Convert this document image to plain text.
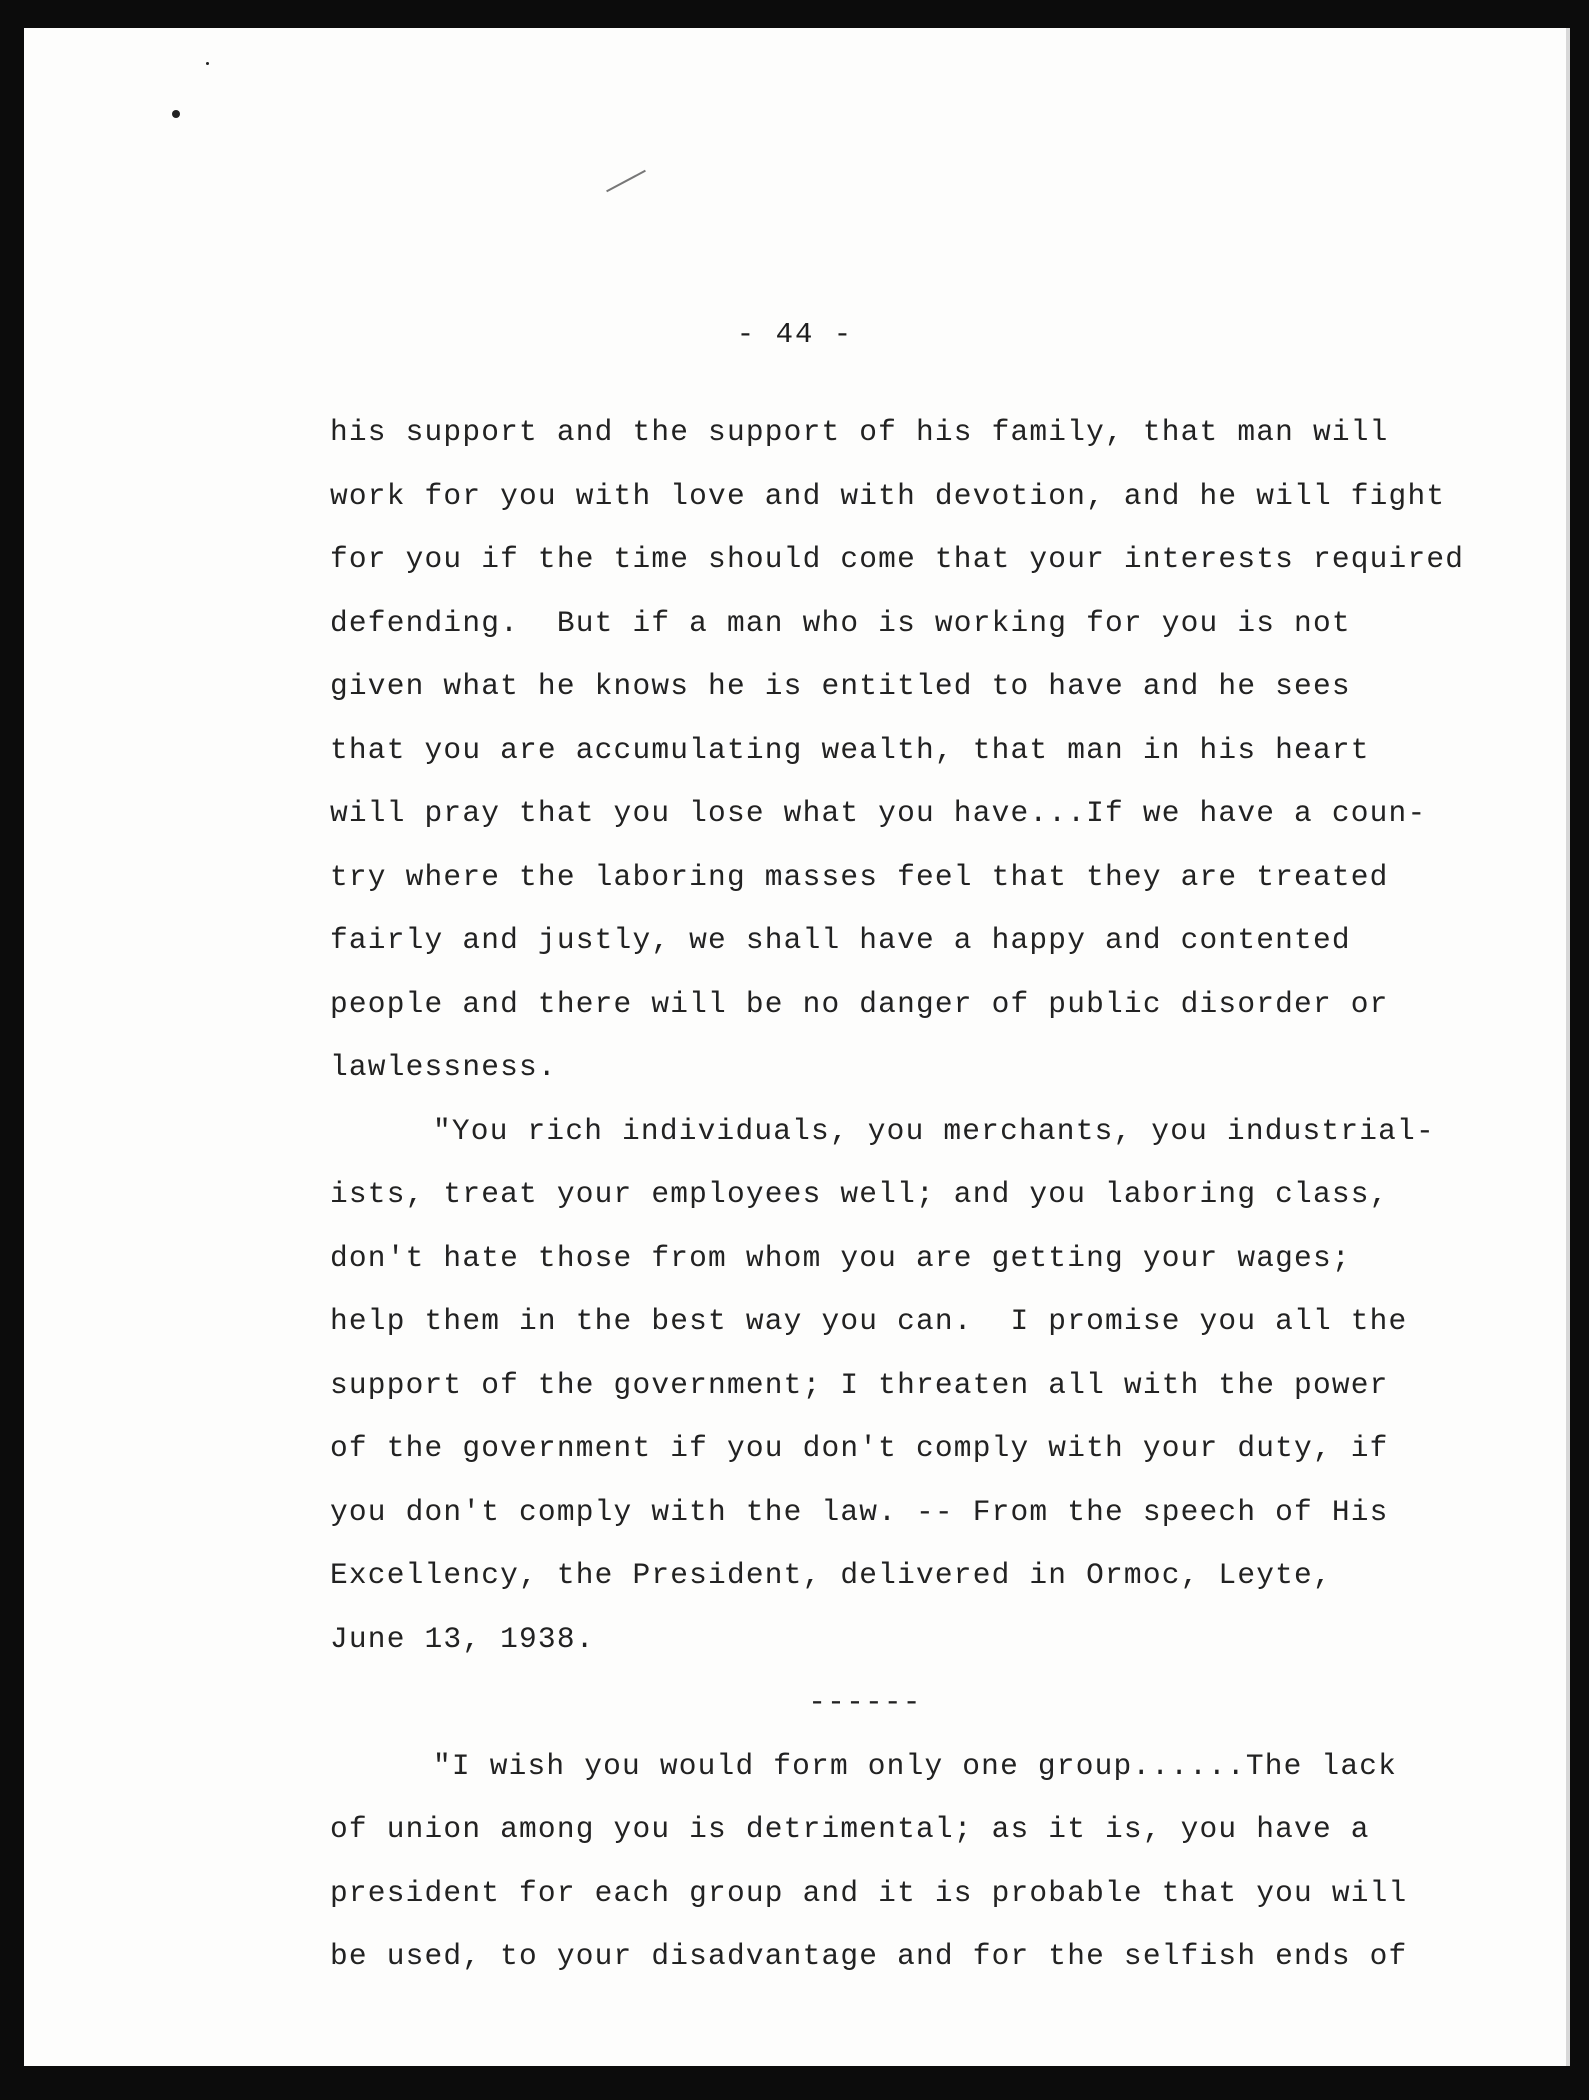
- 44 -
his support and the support of his family, that man will
work for you with love and with devotion, and he will fight
for you if the time should come that your interests required
defending.  But if a man who is working for you is not
given what he knows he is entitled to have and he sees
that you are accumulating wealth, that man in his heart
will pray that you lose what you have...If we have a coun-
try where the laboring masses feel that they are treated
fairly and justly, we shall have a happy and contented
people and there will be no danger of public disorder or
lawlessness.
"You rich individuals, you merchants, you industrial-
ists, treat your employees well; and you laboring class,
don't hate those from whom you are getting your wages;
help them in the best way you can.  I promise you all the
support of the government; I threaten all with the power
of the government if you don't comply with your duty, if
you don't comply with the law. -- From the speech of His
Excellency, the President, delivered in Ormoc, Leyte,
June 13, 1938.
------
"I wish you would form only one group......The lack
of union among you is detrimental; as it is, you have a
president for each group and it is probable that you will
be used, to your disadvantage and for the selfish ends of
